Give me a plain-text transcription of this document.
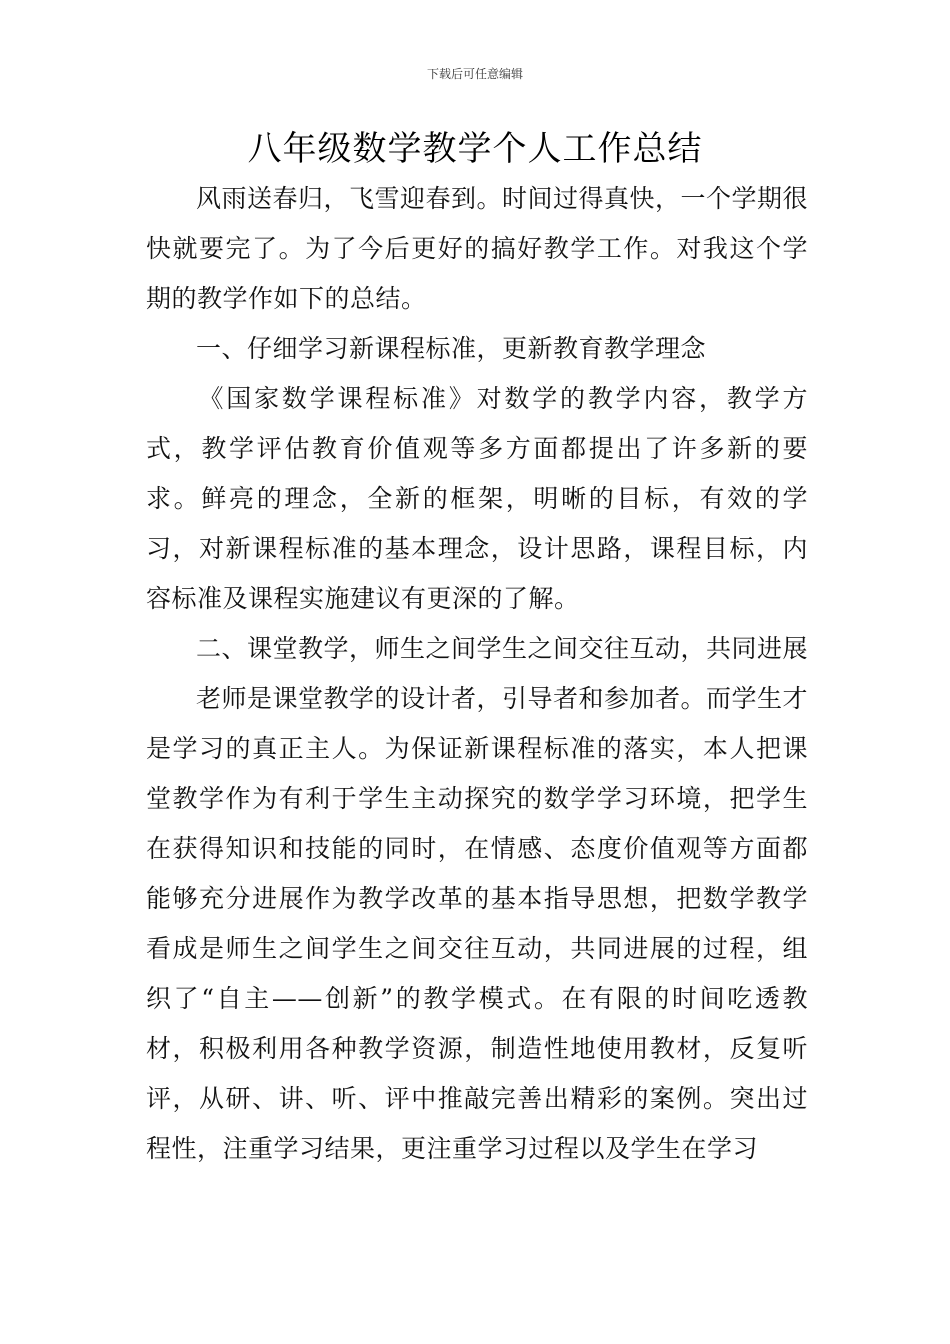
下载后可任意编辑
八年级数学教学个人工作总结

风雨送春归，飞雪迎春到。时间过得真快，一个学期很快就要完了。为了今后更好的搞好教学工作。对我这个学期的教学作如下的总结。

一、仔细学习新课程标准，更新教育教学理念

《国家数学课程标准》对数学的教学内容，教学方式，教学评估教育价值观等多方面都提出了许多新的要求。鲜亮的理念，全新的框架，明晰的目标，有效的学习，对新课程标准的基本理念，设计思路，课程目标，内容标准及课程实施建议有更深的了解。

二、课堂教学，师生之间学生之间交往互动，共同进展

老师是课堂教学的设计者，引导者和参加者。而学生才是学习的真正主人。为保证新课程标准的落实，本人把课堂教学作为有利于学生主动探究的数学学习环境，把学生在获得知识和技能的同时，在情感、态度价值观等方面都能够充分进展作为教学改革的基本指导思想，把数学教学看成是师生之间学生之间交往互动，共同进展的过程，组织了“自主——创新”的教学模式。在有限的时间吃透教材，积极利用各种教学资源，制造性地使用教材，反复听评，从研、讲、听、评中推敲完善出精彩的案例。突出过程性，注重学习结果，更注重学习过程以及学生在学习
